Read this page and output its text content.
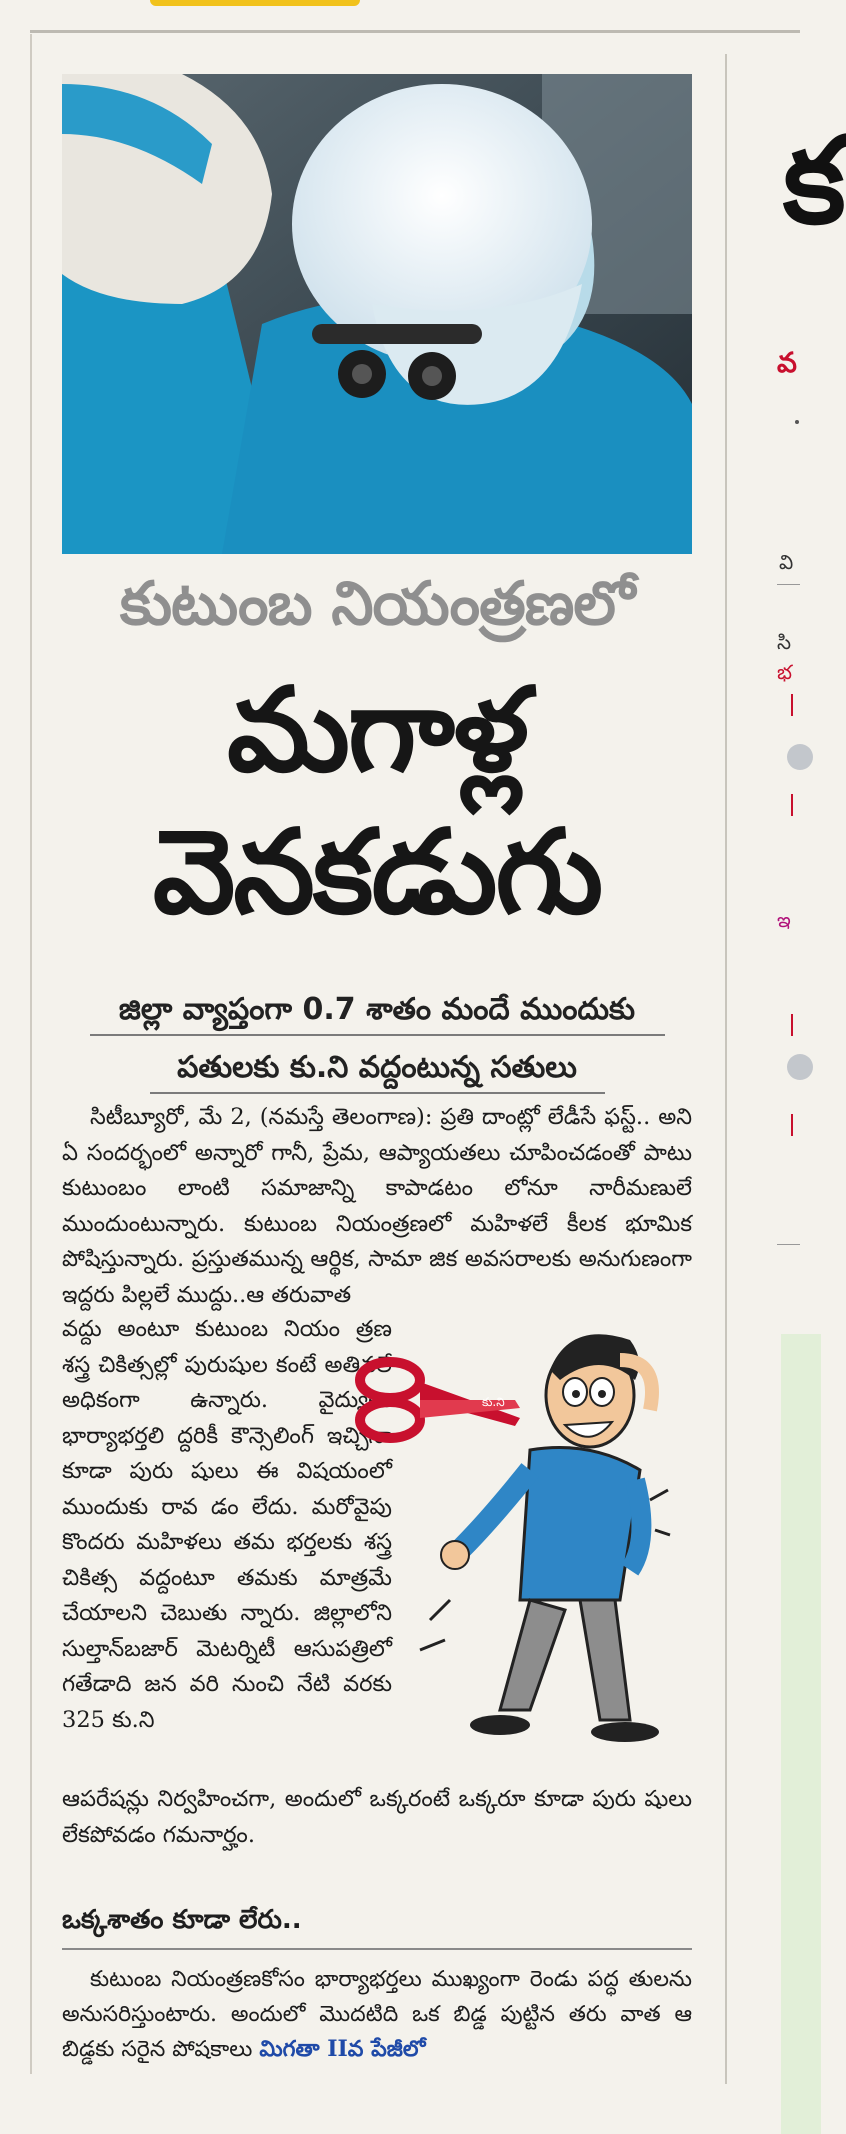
కుటుంబ నియంత్రణలో
మగాళ్ల
వెనకడుగు
జిల్లా వ్యాప్తంగా 0.7 శాతం మందే ముందుకు
పతులకు కు.ని వద్దంటున్న సతులు
సిటీబ్యూరో, మే 2, (నమస్తే తెలంగాణ): ప్రతి దాంట్లో లేడీసే ఫస్ట్.. అని ఏ సందర్భంలో అన్నారో గానీ, ప్రేమ, ఆప్యాయతలు చూపించడంతో పాటు కుటుంబం లాంటి సమాజాన్ని కాపాడటం లోనూ నారీమణులే ముందుంటున్నారు. కుటుంబ నియంత్రణలో మహిళలే కీలక భూమిక పోషిస్తున్నారు. ప్రస్తుతమున్న ఆర్థిక, సామా జిక అవసరాలకు అనుగుణంగా ఇద్దరు పిల్లలే ముద్దు..ఆ తరువాత
వద్దు అంటూ కుటుంబ నియం త్రణ శస్త్ర చికిత్సల్లో పురుషుల కంటే అతివలే అధికంగా ఉన్నారు. వైద్యులు భార్యాభర్తలి ద్దరికీ కౌన్సెలింగ్ ఇచ్చినా కూడా పురు షులు ఈ విషయంలో ముందుకు రావ డం లేదు. మరోవైపు కొందరు మహిళలు తమ భర్తలకు శస్త్ర చికిత్స వద్దంటూ తమకు మాత్రమే చేయాలని చెబుతు న్నారు. జిల్లాలోని సుల్తాన్‌బజార్ మెటర్నిటీ ఆసుపత్రిలో గతేడాది జన వరి నుంచి నేటి వరకు 325 కు.ని
కు.ని
ఆపరేషన్లు నిర్వహించగా, అందులో ఒక్కరంటే ఒక్కరూ కూడా పురు షులు లేకపోవడం గమనార్హం.
ఒక్కశాతం కూడా లేరు..
కుటుంబ నియంత్రణకోసం భార్యాభర్తలు ముఖ్యంగా రెండు పద్ధ తులను అనుసరిస్తుంటారు. అందులో మొదటిది ఒక బిడ్డ పుట్టిన తరు వాత ఆ బిడ్డకు సరైన పోషకాలు మిగతా IIవ పేజీలో
క
వ
వి
సి
భ
ఇ
